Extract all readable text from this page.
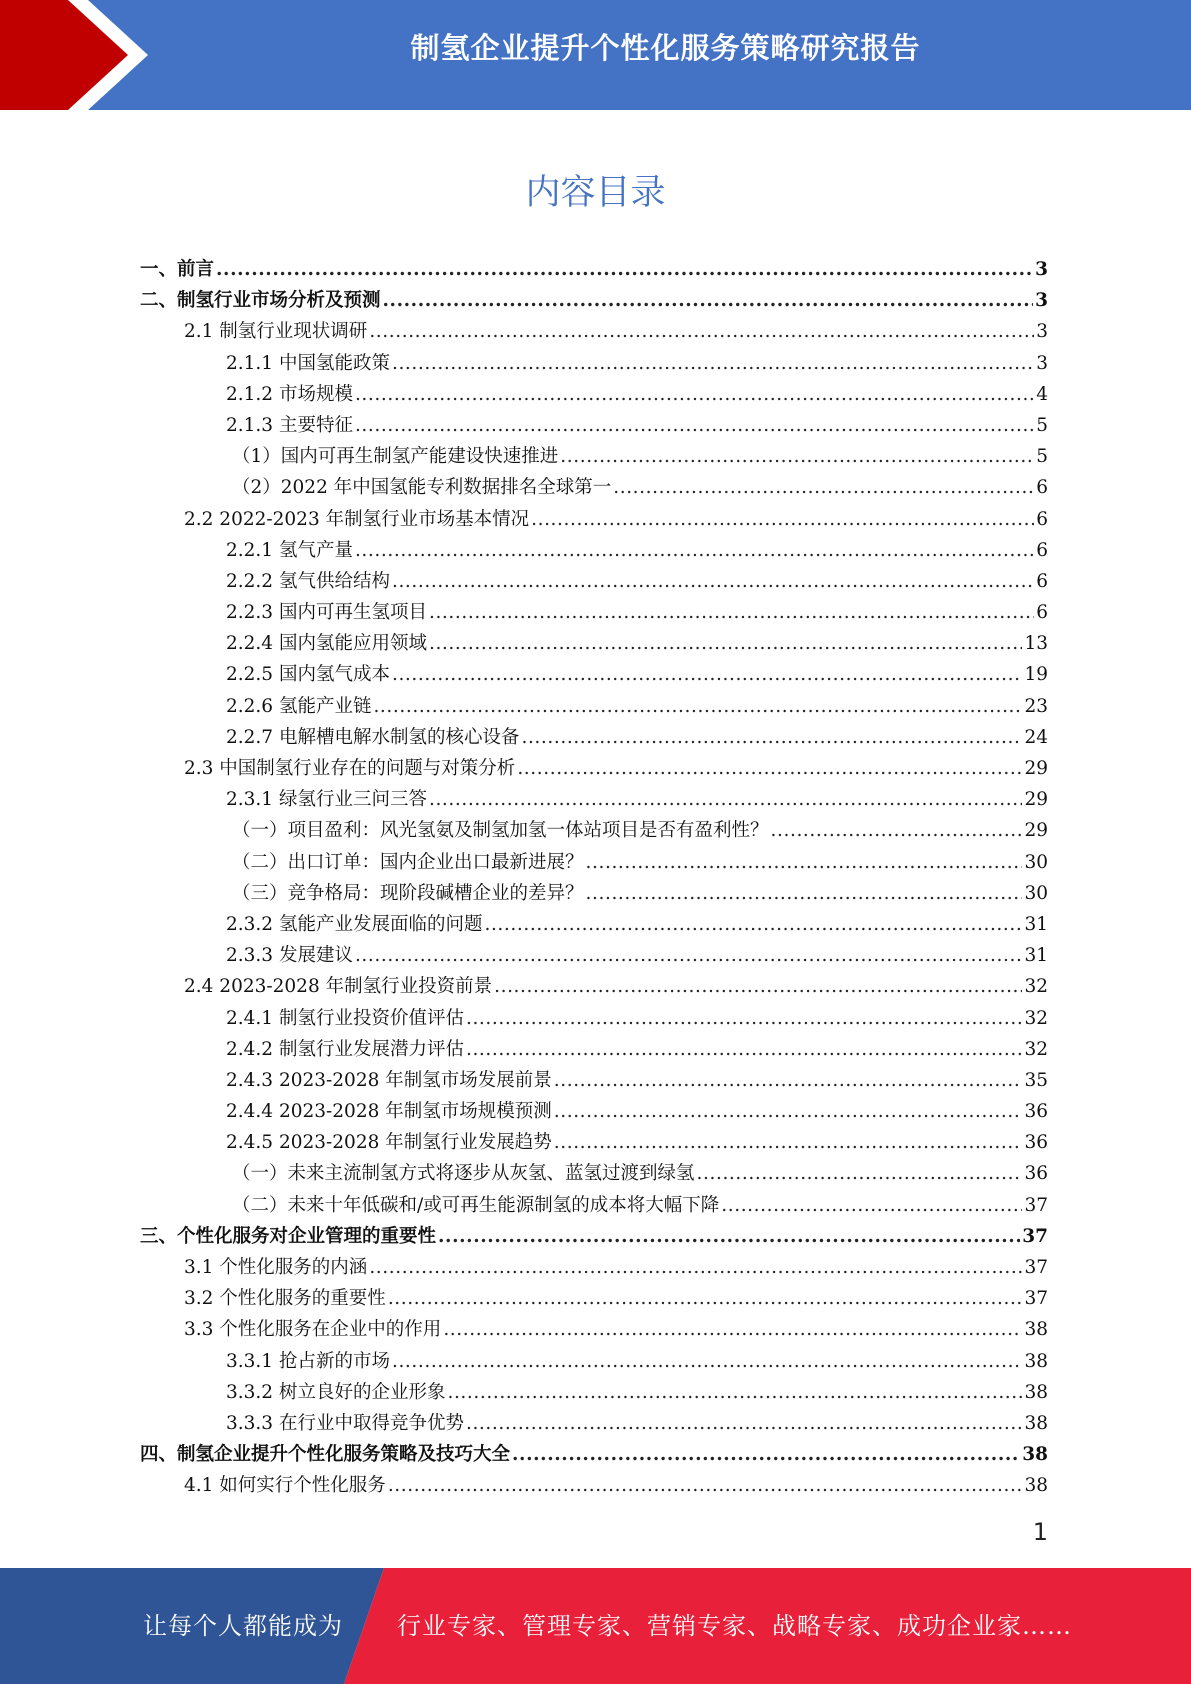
制氢企业提升个性化服务策略研究报告
内容目录
一、前言 .....	3
二、制氢行业市场分析及预测 .....	3
2.1 制氢行业现状调研 .....	3
2.1.1 中国氢能政策 .....	3
2.1.2 市场规模 .....	4
2.1.3 主要特征 .....	5
（1）国内可再生制氢产能建设快速推进 .....	5
（2）2022 年中国氢能专利数据排名全球第一 .....	6
2.2 2022-2023 年制氢行业市场基本情况 .....	6
2.2.1 氢气产量 .....	6
2.2.2 氢气供给结构 .....	6
2.2.3 国内可再生氢项目 .....	6
2.2.4 国内氢能应用领域 .....	13
2.2.5 国内氢气成本 .....	19
2.2.6 氢能产业链 .....	23
2.2.7 电解槽电解水制氢的核心设备 .....	24
2.3 中国制氢行业存在的问题与对策分析 .....	29
2.3.1 绿氢行业三问三答 .....	29
（一）项目盈利：风光氢氨及制氢加氢一体站项目是否有盈利性？ .....	29
（二）出口订单：国内企业出口最新进展？ .....	30
（三）竞争格局：现阶段碱槽企业的差异？ .....	30
2.3.2 氢能产业发展面临的问题 .....	31
2.3.3 发展建议 .....	31
2.4 2023-2028 年制氢行业投资前景 .....	32
2.4.1 制氢行业投资价值评估 .....	32
2.4.2 制氢行业发展潜力评估 .....	32
2.4.3 2023-2028 年制氢市场发展前景 .....	35
2.4.4 2023-2028 年制氢市场规模预测 .....	36
2.4.5 2023-2028 年制氢行业发展趋势 .....	36
（一）未来主流制氢方式将逐步从灰氢、蓝氢过渡到绿氢 .....	36
（二）未来十年低碳和/或可再生能源制氢的成本将大幅下降 .....	37
三、个性化服务对企业管理的重要性 .....	37
3.1 个性化服务的内涵 .....	37
3.2 个性化服务的重要性 .....	37
3.3 个性化服务在企业中的作用 .....	38
3.3.1 抢占新的市场 .....	38
3.3.2 树立良好的企业形象 .....	38
3.3.3 在行业中取得竞争优势 .....	38
四、制氢企业提升个性化服务策略及技巧大全 .....	38
4.1 如何实行个性化服务 .....	38
1
让每个人都能成为 行业专家、管理专家、营销专家、战略专家、成功企业家……
